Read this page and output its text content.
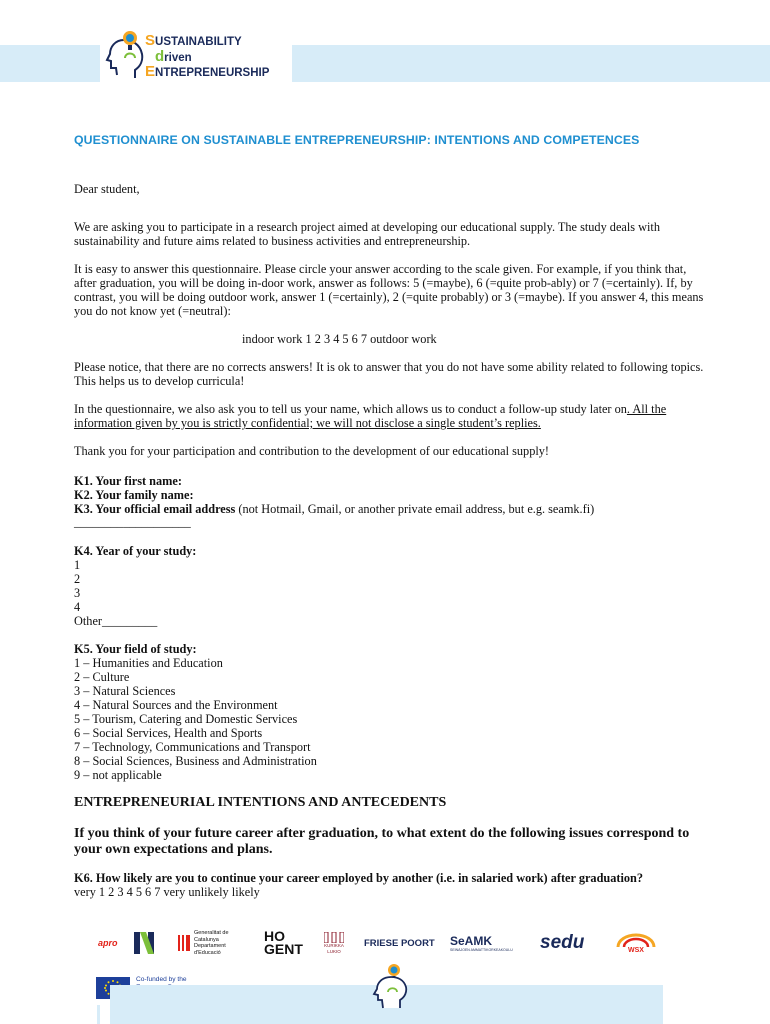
SUSTAINABILITY
driven
ENTREPRENEURSHIP
QUESTIONNAIRE ON SUSTAINABLE ENTREPRENEURSHIP: INTENTIONS AND COMPETENCES
Dear student,
We are asking you to participate in a research project aimed at developing our educational supply. The study deals with sustainability and future aims related to business activities and entrepreneurship.
It is easy to answer this questionnaire. Please circle your answer according to the scale given. For example, if you think that, after graduation, you will be doing in-door work, answer as follows: 5 (=maybe), 6 (=quite prob-ably) or 7 (=certainly). If, by contrast, you will be doing outdoor work, answer 1 (=certainly), 2 (=quite probably) or 3 (=maybe). If you answer 4, this means you do not know yet (=neutral):
indoor work 1 2 3 4 5 6 7 outdoor work
Please notice, that there are no corrects answers! It is ok to answer that you do not have some ability related to following topics. This helps us to develop curricula!
In the questionnaire, we also ask you to tell us your name, which allows us to conduct a follow-up study later on. All the information given by you is strictly confidential; we will not disclose a single student’s replies.
Thank you for your participation and contribution to the development of our educational supply!
K1. Your first name:
K2. Your family name:
K3. Your official email address (not Hotmail, Gmail, or another private email address, but e.g. seamk.fi)
___________________
K4. Year of your study:
1
2
3
4
Other_________
K5. Your field of study:
1 – Humanities and Education
2 – Culture
3 – Natural Sciences
4 – Natural Sources and the Environment
5 – Tourism, Catering and Domestic Services
6 – Social Services, Health and Sports
7 – Technology, Communications and Transport
8 – Social Sciences, Business and Administration
9 – not applicable
ENTREPRENEURIAL INTENTIONS AND ANTECEDENTS
If you think of your future career after graduation, to what extent do the following issues correspond to your own expectations and plans.
K6. How likely are you to continue your career employed by another (i.e. in salaried work) after graduation?
very 1 2 3 4 5 6 7 very unlikely likely
apro
Generalitat de Catalunya Departament d'Educació
HO
GENT	KURIKKA
LUKIO
FRIESE POORT SeAMK
SEINÄJOEN AMMATTIKORKEAKOULU sedu	WSX
Co-funded by the
